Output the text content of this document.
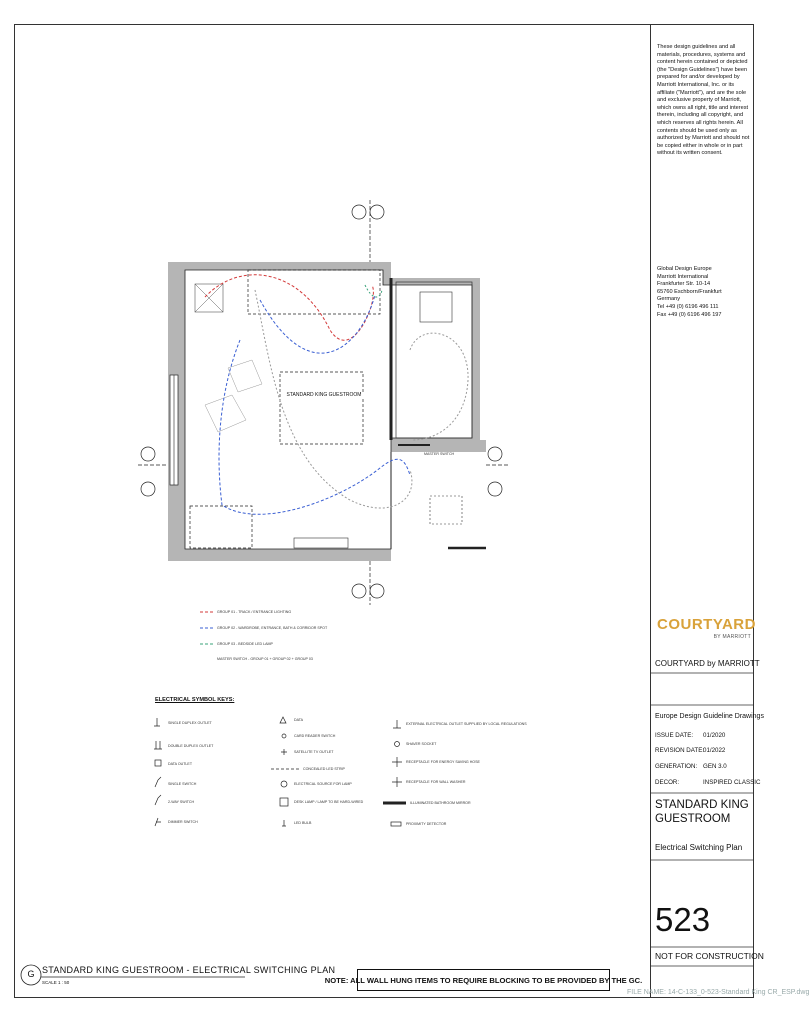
STANDARD KING GUESTROOM
MASTER SWITCH
GROUP 01 - TRACK / ENTRANCE LIGHTING
GROUP 02 - WARDROBE, ENTRANCE, BATH & CORRIDOR SPOT
GROUP 03 - BEDSIDE LED LAMP
MASTER SWITCH - GROUP 01 + GROUP 02 + GROUP 03
ELECTRICAL SYMBOL KEYS:
SINGLE DUPLEX OUTLET
DOUBLE DUPLEX OUTLET
DATA OUTLET
SINGLE SWITCH
2-WAY SWITCH
DIMMER SWITCH
DATA
CARD READER SWITCH
SATELLITE TV OUTLET
CONCEALED LED STRIP
ELECTRICAL SOURCE FOR LAMP
DESK LAMP / LAMP TO BE HARD-WIRED
LED BULB
EXTERNAL ELECTRICAL OUTLET SUPPLIED BY LOCAL REGULATIONS
SHAVER SOCKET
RECEPTACLE FOR ENERGY SAVING HOSE
RECEPTACLE FOR WALL WASHER
ILLUMINATED BATHROOM MIRROR
PROXIMITY DETECTOR
These design guidelines and all materials, procedures, systems and content herein contained or depicted (the "Design Guidelines") have been prepared for and/or developed by Marriott International, Inc. or its affiliate ("Marriott"), and are the sole and exclusive property of Marriott, which owns all right, title and interest therein, including all copyright, and which reserves all rights herein. All contents should be used only as authorized by Marriott and should not be copied either in whole or in part without its written consent.
Global Design Europe
Marriott International
Frankfurter Str. 10-14
65760 Eschborn/Frankfurt
Germany
Tel +49 (0) 6196 496 111
Fax +49 (0) 6196 496 197
COURTYARD
BY MARRIOTT
COURTYARD by MARRIOTT
Europe Design Guideline Drawings
ISSUE DATE: 01/2020
REVISION DATE:01/2022
GENERATION: GEN 3.0
DECOR:	INSPIRED CLASSIC
STANDARD KING GUESTROOM
Electrical Switching Plan
523
NOT FOR CONSTRUCTION
G STANDARD KING GUESTROOM - ELECTRICAL SWITCHING PLAN
SCALE 1 : 50	NOTE: ALL WALL HUNG ITEMS TO REQUIRE BLOCKING TO BE PROVIDED BY THE GC.
FILE NAME: 14-C-133_0-523-Standard King CR_ESP.dwg
